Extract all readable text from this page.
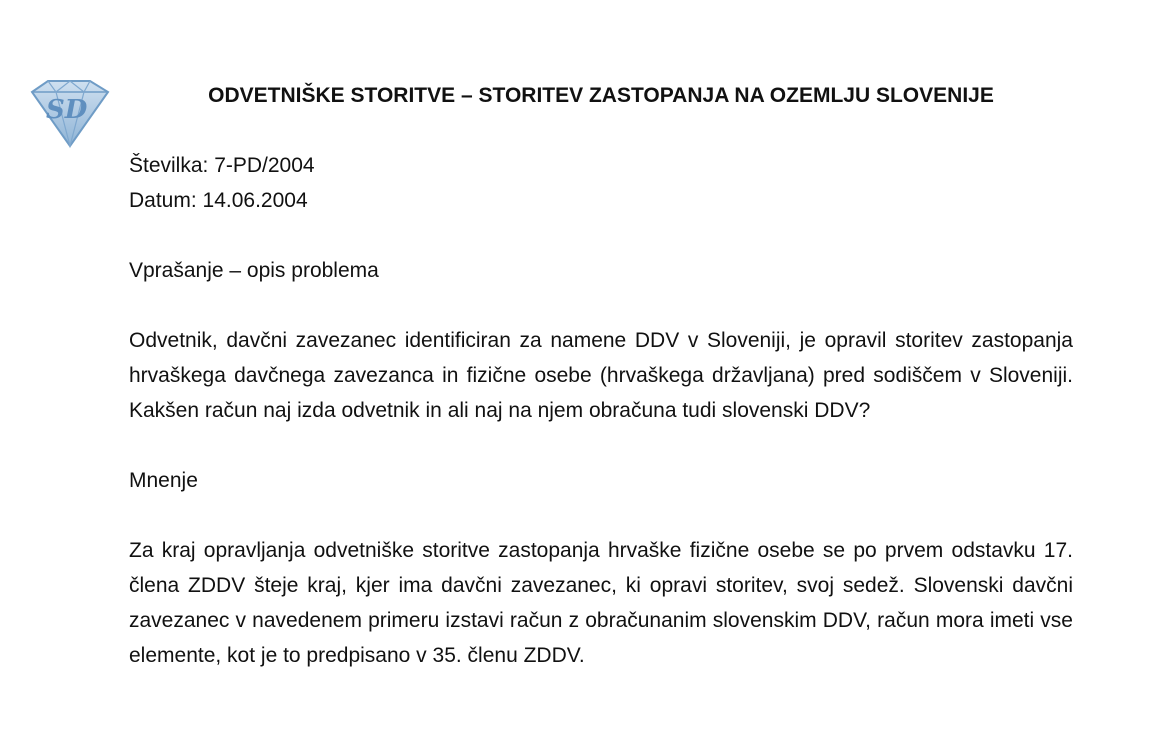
SD	ODVETNIŠKE STORITVE – STORITEV ZASTOPANJA NA OZEMLJU SLOVENIJE

Številka: 7-PD/2004

Datum: 14.06.2004

Vprašanje – opis problema

Odvetnik, davčni zavezanec identificiran za namene DDV v Sloveniji, je opravil storitev zastopanja hrvaškega davčnega zavezanca in fizične osebe (hrvaškega državljana) pred sodiščem v Sloveniji. Kakšen račun naj izda odvetnik in ali naj na njem obračuna tudi slovenski DDV?

Mnenje

Za kraj opravljanja odvetniške storitve zastopanja hrvaške fizične osebe se po prvem odstavku 17. člena ZDDV šteje kraj, kjer ima davčni zavezanec, ki opravi storitev, svoj sedež. Slovenski davčni zavezanec v navedenem primeru izstavi račun z obračunanim slovenskim DDV, račun mora imeti vse elemente, kot je to predpisano v 35. členu ZDDV.
